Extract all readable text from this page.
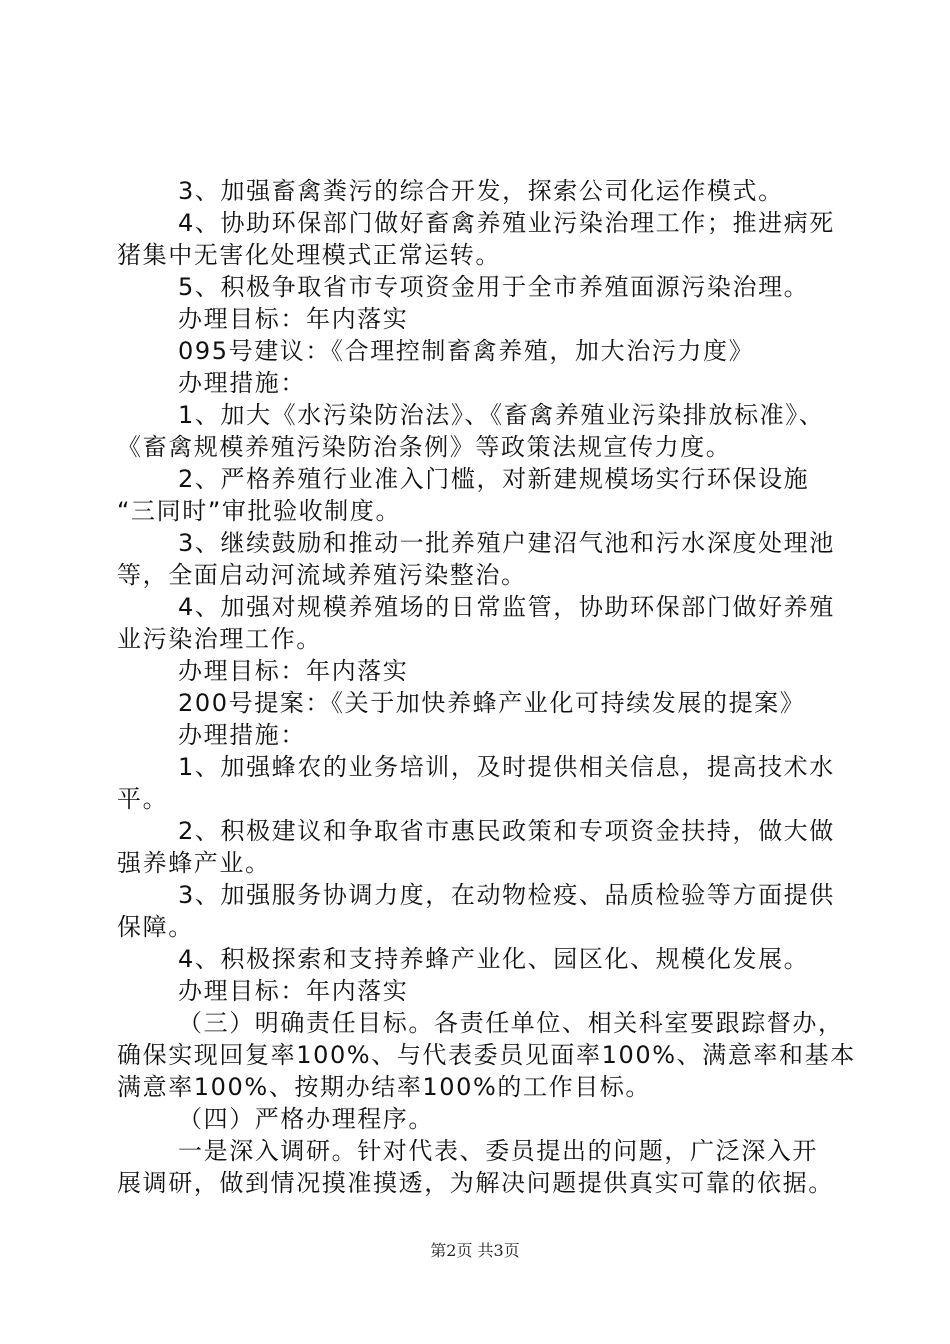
3、加强畜禽粪污的综合开发，探索公司化运作模式。
4、协助环保部门做好畜禽养殖业污染治理工作；推进病死
猪集中无害化处理模式正常运转。
5、积极争取省市专项资金用于全市养殖面源污染治理。
办理目标：年内落实
095号建议：《合理控制畜禽养殖，加大治污力度》
办理措施：
1、加大《水污染防治法》、《畜禽养殖业污染排放标准》、
《畜禽规模养殖污染防治条例》等政策法规宣传力度。
2、严格养殖行业准入门槛，对新建规模场实行环保设施
“三同时”审批验收制度。
3、继续鼓励和推动一批养殖户建沼气池和污水深度处理池
等，全面启动河流域养殖污染整治。
4、加强对规模养殖场的日常监管，协助环保部门做好养殖
业污染治理工作。
办理目标：年内落实
200号提案：《关于加快养蜂产业化可持续发展的提案》
办理措施：
1、加强蜂农的业务培训，及时提供相关信息，提高技术水
平。
2、积极建议和争取省市惠民政策和专项资金扶持，做大做
强养蜂产业。
3、加强服务协调力度，在动物检疫、品质检验等方面提供
保障。
4、积极探索和支持养蜂产业化、园区化、规模化发展。
办理目标：年内落实
（三）明确责任目标。各责任单位、相关科室要跟踪督办，
确保实现回复率100%、与代表委员见面率100%、满意率和基本
满意率100%、按期办结率100%的工作目标。
（四）严格办理程序。
一是深入调研。针对代表、委员提出的问题，广泛深入开
展调研，做到情况摸准摸透，为解决问题提供真实可靠的依据。
第2页 共3页
